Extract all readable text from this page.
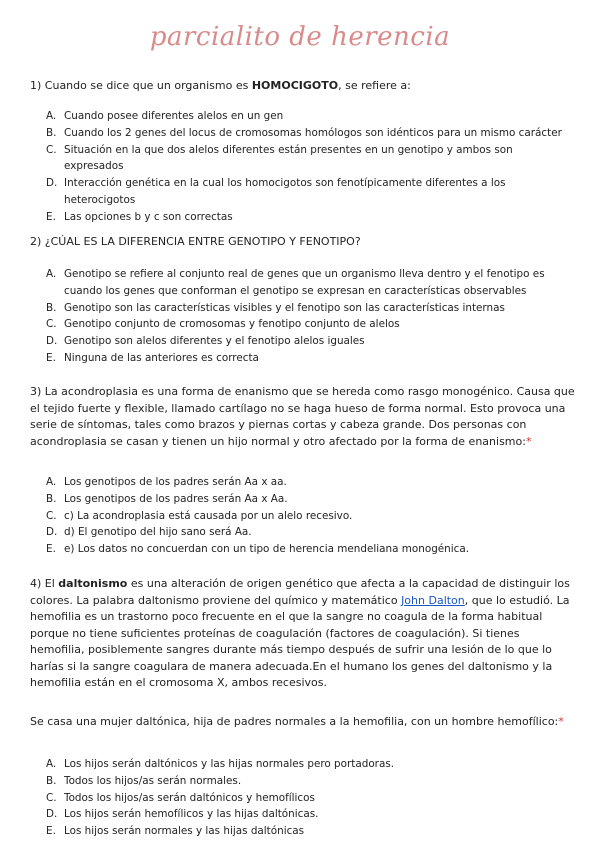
parcialito de herencia

1) Cuando se dice que un organismo es HOMOCIGOTO, se refiere a:

A. Cuando posee diferentes alelos en un gen
B. Cuando los 2 genes del locus de cromosomas homólogos son idénticos para un mismo carácter
C. Situación en la que dos alelos diferentes están presentes en un genotipo y ambos son expresados
D. Interacción genética en la cual los homocigotos son fenotípicamente diferentes a los heterocigotos
E. Las opciones b y c son correctas

2) ¿CÚAL ES LA DIFERENCIA ENTRE GENOTIPO Y FENOTIPO?

A. Genotipo se refiere al conjunto real de genes que un organismo lleva dentro y el fenotipo es cuando los genes que conforman el genotipo se expresan en características observables
B. Genotipo son las características visibles y el fenotipo son las características internas
C. Genotipo conjunto de cromosomas y fenotipo conjunto de alelos
D. Genotipo son alelos diferentes y el fenotipo alelos iguales
E. Ninguna de las anteriores es correcta

3) La acondroplasia es una forma de enanismo que se hereda como rasgo monogénico. Causa que el tejido fuerte y flexible, llamado cartílago no se haga hueso de forma normal. Esto provoca una serie de síntomas, tales como brazos y piernas cortas y cabeza grande. Dos personas con acondroplasia se casan y tienen un hijo normal y otro afectado por la forma de enanismo:*

A. Los genotipos de los padres serán Aa x aa.
B. Los genotipos de los padres serán Aa x Aa.
C. c) La acondroplasia está causada por un alelo recesivo.
D. d) El genotipo del hijo sano será Aa.
E. e) Los datos no concuerdan con un tipo de herencia mendeliana monogénica.

4) El daltonismo es una alteración de origen genético que afecta a la capacidad de distinguir los colores. La palabra daltonismo proviene del químico y matemático John Dalton, que lo estudió. La hemofilia es un trastorno poco frecuente en el que la sangre no coagula de la forma habitual porque no tiene suficientes proteínas de coagulación (factores de coagulación). Si tienes hemofilia, posiblemente sangres durante más tiempo después de sufrir una lesión de lo que lo harías si la sangre coagulara de manera adecuada.En el humano los genes del daltonismo y la hemofilia están en el cromosoma X, ambos recesivos.

Se casa una mujer daltónica, hija de padres normales a la hemofilia, con un hombre hemofílico:*

A. Los hijos serán daltónicos y las hijas normales pero portadoras.
B. Todos los hijos/as serán normales.
C. Todos los hijos/as serán daltónicos y hemofílicos
D. Los hijos serán hemofílicos y las hijas daltónicas.
E. Los hijos serán normales y las hijas daltónicas
